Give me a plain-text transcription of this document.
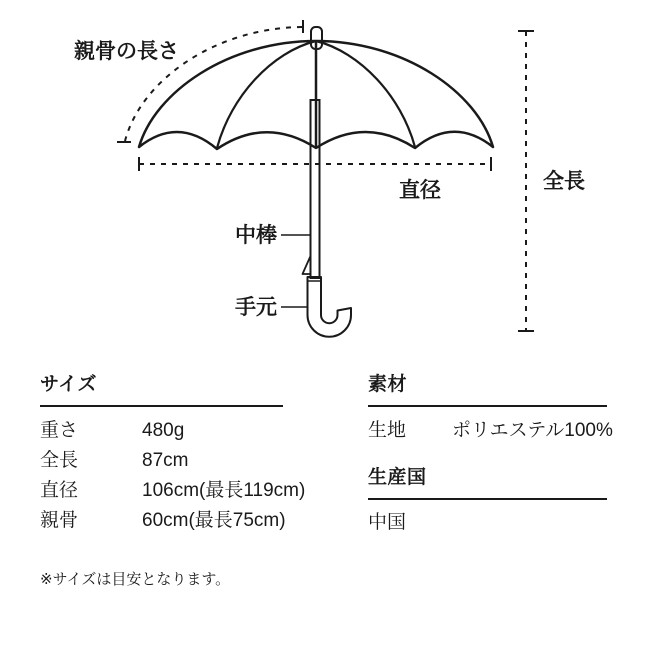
親骨の長さ
直径	全長
中棒
手元
サイズ
重さ	480g
全長	87cm
直径	106cm(最長119cm)
親骨	60cm(最長75cm)
素材
生地	ポリエステル100%
生産国
中国
※サイズは目安となります。
